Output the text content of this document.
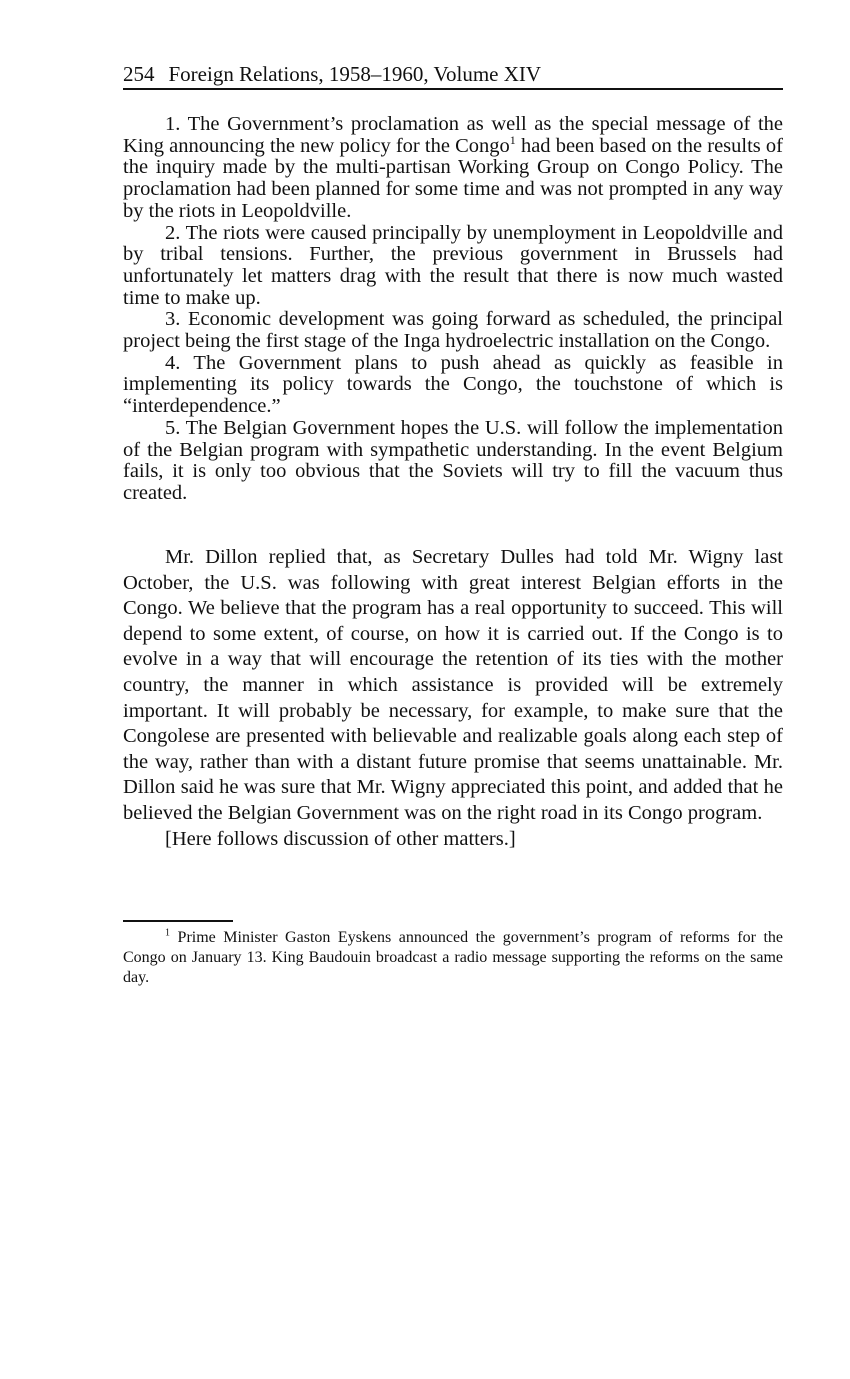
254 Foreign Relations, 1958–1960, Volume XIV

1. The Government’s proclamation as well as the special message of the King announcing the new policy for the Congo$^1$ had been based on the results of the inquiry made by the multi-partisan Working Group on Congo Policy. The proclamation had been planned for some time and was not prompted in any way by the riots in Leopoldville.

2. The riots were caused principally by unemployment in Leopoldville and by tribal tensions. Further, the previous government in Brussels had unfortunately let matters drag with the result that there is now much wasted time to make up.

3. Economic development was going forward as scheduled, the principal project being the first stage of the Inga hydroelectric installation on the Congo.

4. The Government plans to push ahead as quickly as feasible in implementing its policy towards the Congo, the touchstone of which is “interdependence.”

5. The Belgian Government hopes the U.S. will follow the implementation of the Belgian program with sympathetic understanding. In the event Belgium fails, it is only too obvious that the Soviets will try to fill the vacuum thus created.

Mr. Dillon replied that, as Secretary Dulles had told Mr. Wigny last October, the U.S. was following with great interest Belgian efforts in the Congo. We believe that the program has a real opportunity to succeed. This will depend to some extent, of course, on how it is carried out. If the Congo is to evolve in a way that will encourage the retention of its ties with the mother country, the manner in which assistance is provided will be extremely important. It will probably be necessary, for example, to make sure that the Congolese are presented with believable and realizable goals along each step of the way, rather than with a distant future promise that seems unattainable. Mr. Dillon said he was sure that Mr. Wigny appreciated this point, and added that he believed the Belgian Government was on the right road in its Congo program.

[Here follows discussion of other matters.]

$^1$ Prime Minister Gaston Eyskens announced the government’s program of reforms for the Congo on January 13. King Baudouin broadcast a radio message supporting the reforms on the same day.
